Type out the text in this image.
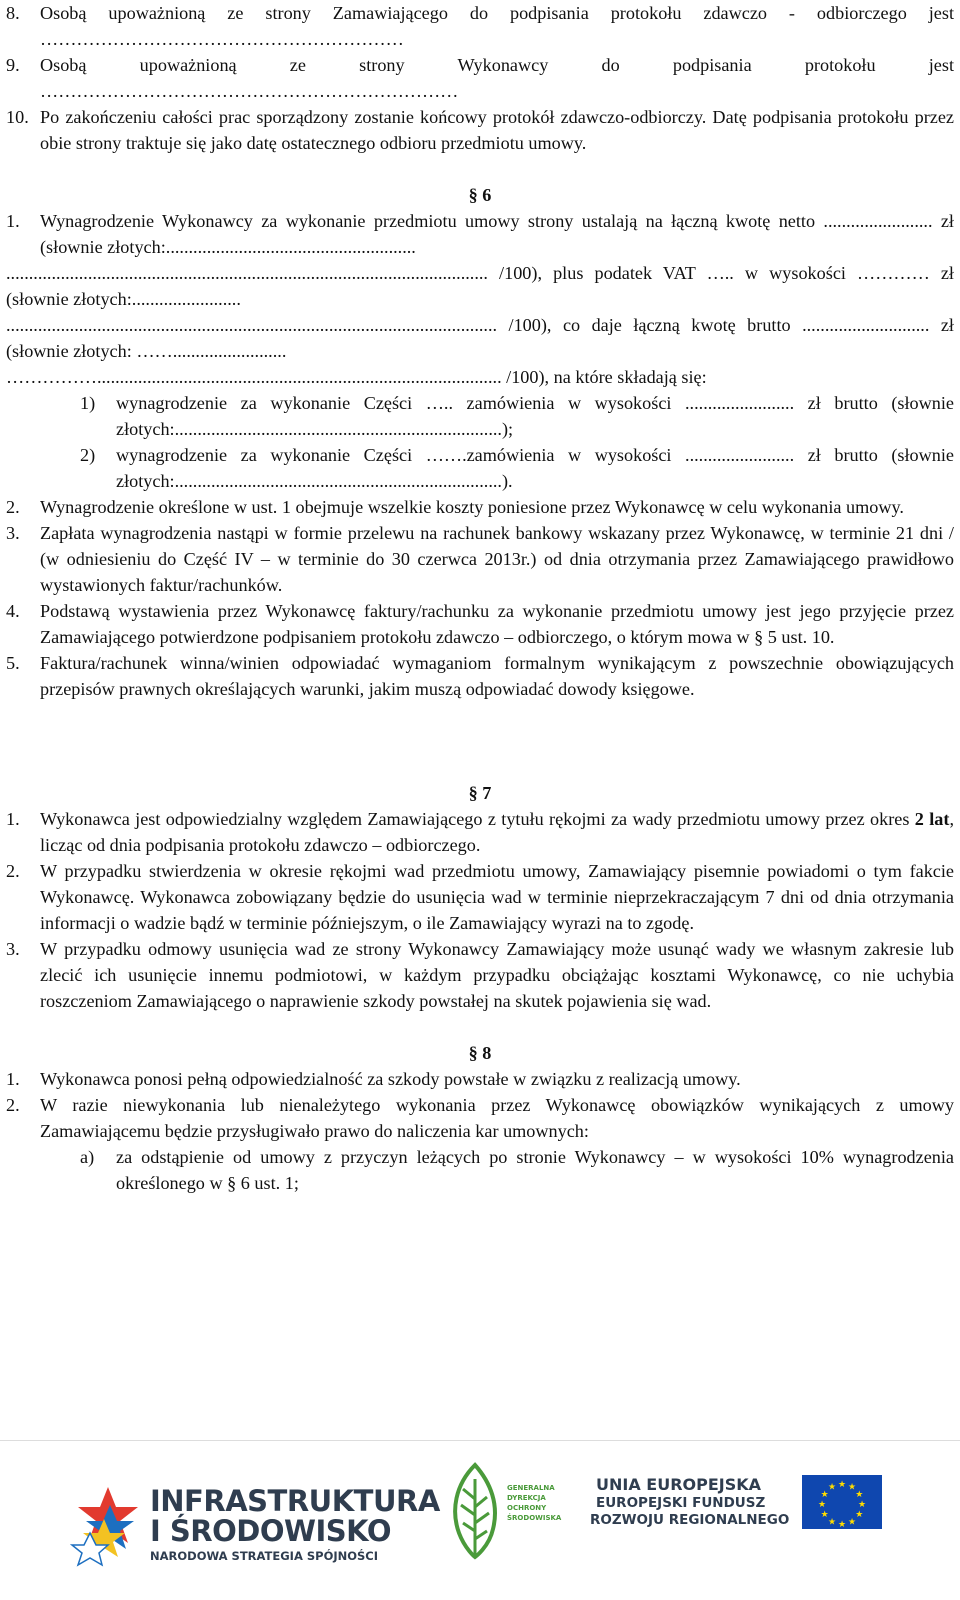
8.	Osobą upoważnioną ze strony Zamawiającego do podpisania protokołu zdawczo - odbiorczego jest ……………………………………………………
9.	Osobą upoważnioną ze strony Wykonawcy do podpisania protokołu jest ……………………………………………………………
10. Po zakończeniu całości prac sporządzony zostanie końcowy protokół zdawczo-odbiorczy. Datę podpisania protokołu przez obie strony traktuje się jako datę ostatecznego odbioru przedmiotu umowy.
§ 6
1.	Wynagrodzenie Wykonawcy za wykonanie przedmiotu umowy strony ustalają na łączną kwotę netto ........................ zł (słownie złotych:.......................................................

.......................................................................................................... /100), plus podatek VAT ….. w wysokości ………… zł (słownie złotych:........................

............................................................................................................ /100), co daje łączną kwotę brutto ............................ zł (słownie złotych: …….........................

……………......................................................................................... /100), na które składają się:

1)	wynagrodzenie za wykonanie Części ….. zamówienia w wysokości ........................ zł brutto (słownie złotych:........................................................................);
2)	wynagrodzenie za wykonanie Części …….zamówienia w wysokości ........................ zł brutto (słownie złotych:........................................................................).
2.	Wynagrodzenie określone w ust. 1 obejmuje wszelkie koszty poniesione przez Wykonawcę w celu wykonania umowy.
3.	Zapłata wynagrodzenia nastąpi w formie przelewu na rachunek bankowy wskazany przez Wykonawcę, w terminie 21 dni / (w odniesieniu do Część IV – w terminie do 30 czerwca 2013r.) od dnia otrzymania przez Zamawiającego prawidłowo wystawionych faktur/rachunków.
4.	Podstawą wystawienia przez Wykonawcę faktury/rachunku za wykonanie przedmiotu umowy jest jego przyjęcie przez Zamawiającego potwierdzone podpisaniem protokołu zdawczo – odbiorczego, o którym mowa w § 5 ust. 10.
5.	Faktura/rachunek winna/winien odpowiadać wymaganiom formalnym wynikającym z powszechnie obowiązujących przepisów prawnych określających warunki, jakim muszą odpowiadać dowody księgowe.
§ 7
1.	Wykonawca jest odpowiedzialny względem Zamawiającego z tytułu rękojmi za wady przedmiotu umowy przez okres 2 lat, licząc od dnia podpisania protokołu zdawczo – odbiorczego.
2.	W przypadku stwierdzenia w okresie rękojmi wad przedmiotu umowy, Zamawiający pisemnie powiadomi o tym fakcie Wykonawcę. Wykonawca zobowiązany będzie do usunięcia wad w terminie nieprzekraczającym 7 dni od dnia otrzymania informacji o wadzie bądź w terminie późniejszym, o ile Zamawiający wyrazi na to zgodę.
3.	W przypadku odmowy usunięcia wad ze strony Wykonawcy Zamawiający może usunąć wady we własnym zakresie lub zlecić ich usunięcie innemu podmiotowi, w każdym przypadku obciążając kosztami Wykonawcę, co nie uchybia roszczeniom Zamawiającego o naprawienie szkody powstałej na skutek pojawienia się wad.
§ 8
1.	Wykonawca ponosi pełną odpowiedzialność za szkody powstałe w związku z realizacją umowy.
2.	W razie niewykonania lub nienależytego wykonania przez Wykonawcę obowiązków wynikających z umowy Zamawiającemu będzie przysługiwało prawo do naliczenia kar umownych:
a)	za odstąpienie od umowy z przyczyn leżących po stronie Wykonawcy – w wysokości 10% wynagrodzenia określonego w § 6 ust. 1;
INFRASTRUKTURA
I ŚRODOWISKO
NARODOWA STRATEGIA SPÓJNOŚCI
GENERALNA
DYREKCJA
OCHRONY
ŚRODOWISKA
UNIA EUROPEJSKA
EUROPEJSKI FUNDUSZ
ROZWOJU REGIONALNEGO
★ ★
★
★
★
★
★
★
★
★
★
★
